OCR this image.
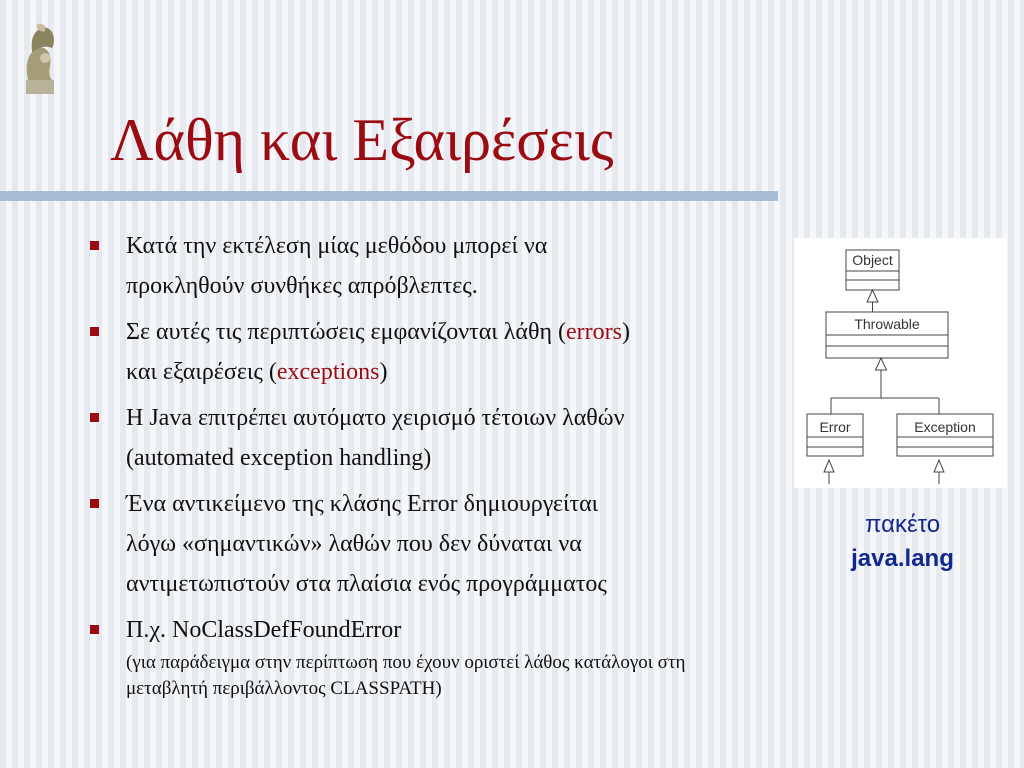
Λάθη και Εξαιρέσεις
Κατά την εκτέλεση μίας μεθόδου μπορεί να
προκληθούν συνθήκες απρόβλεπτες.
Σε αυτές τις περιπτώσεις εμφανίζονται λάθη (errors)
και εξαιρέσεις (exceptions)
Η Java επιτρέπει αυτόματο χειρισμό τέτοιων λαθών
(automated exception handling)
Ένα αντικείμενο της κλάσης Error δημιουργείται
λόγω «σημαντικών» λαθών που δεν δύναται να
αντιμετωπιστούν στα πλαίσια ενός προγράμματος
Π.χ. NoClassDefFoundError
(για παράδειγμα στην περίπτωση που έχουν οριστεί λάθος κατάλογοι στη
μεταβλητή περιβάλλοντος CLASSPATH)
Object
Throwable
Error	Exception
πακέτο
java.lang
